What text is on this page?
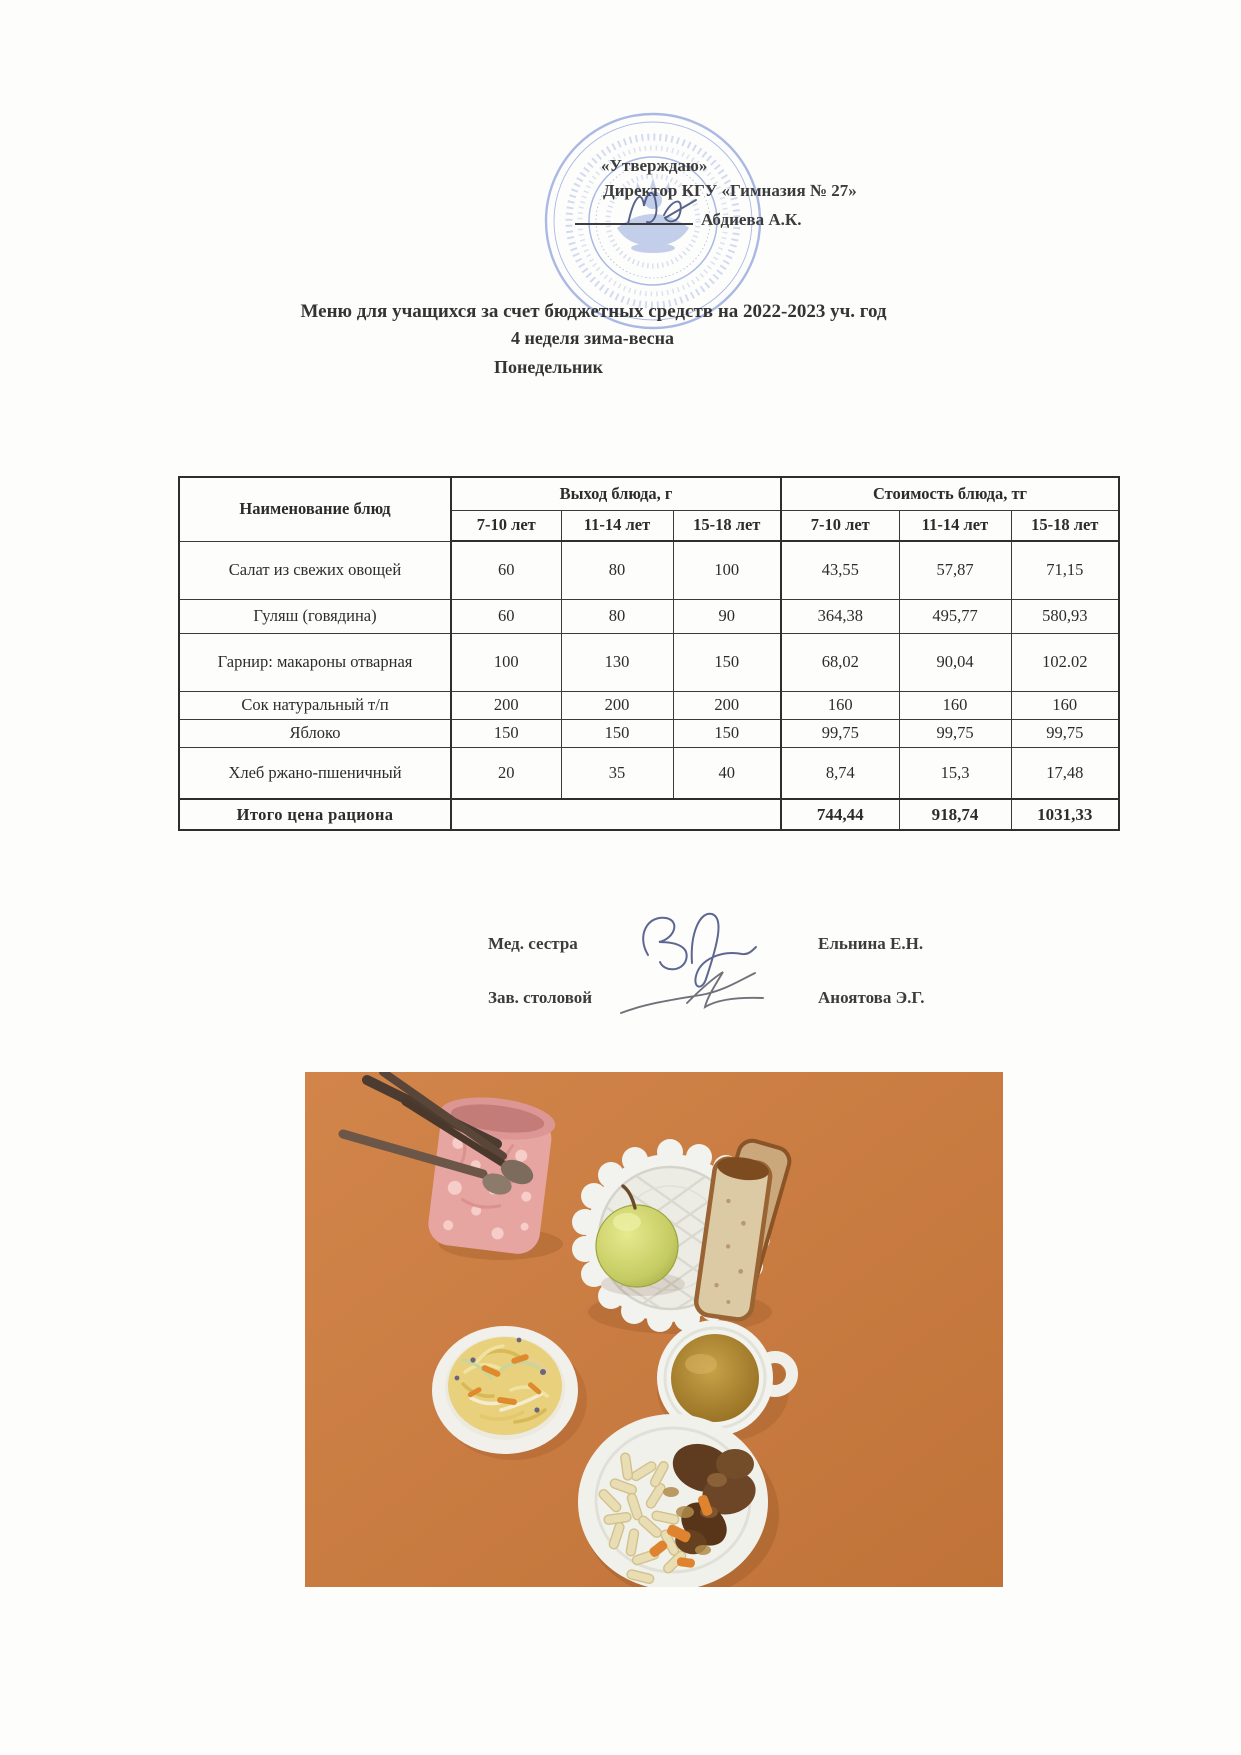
«Утверждаю»
Директор КГУ «Гимназия № 27»
Абдиева А.К.
Меню для учащихся за счет бюджетных средств на 2022-2023 уч. год
4 неделя зима-весна
Понедельник
Наименование блюд	Выход блюда, г			Стоимость блюда, тг		
	7-10 лет	11-14 лет	15-18 лет	7-10 лет	11-14 лет	15-18 лет
Салат из свежих овощей	60	80	100	43,55	57,87	71,15
Гуляш (говядина)	60	80	90	364,38	495,77	580,93
Гарнир: макароны отварная	100	130	150	68,02	90,04	102.02
Сок натуральный т/п	200	200	200	160	160	160
Яблоко	150	150	150	99,75	99,75	99,75
Хлеб ржано-пшеничный	20	35	40	8,74	15,3	17,48
Итого цена рациона				744,44	918,74	1031,33
Мед. сестра	Ельнина Е.Н.
Зав. столовой	Аноятова Э.Г.
